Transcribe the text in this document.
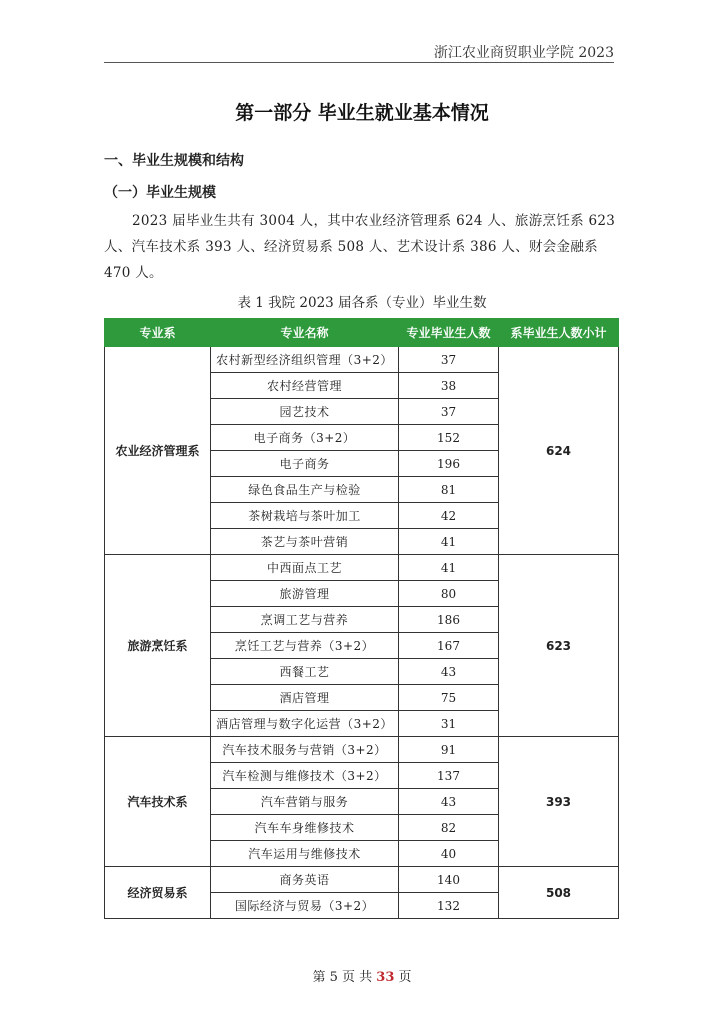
浙江农业商贸职业学院 2023
第一部分 毕业生就业基本情况
一、毕业生规模和结构
（一）毕业生规模
2023 届毕业生共有 3004 人，其中农业经济管理系 624 人、旅游烹饪系 623 人、汽车技术系 393 人、经济贸易系 508 人、艺术设计系 386 人、财会金融系 470 人。
表 1 我院 2023 届各系（专业）毕业生数
专业系	专业名称	专业毕业生人数	系毕业生人数小计
农业经济管理系	农村新型经济组织管理（3+2）	37	624
	农村经营管理	38	
	园艺技术	37	
	电子商务（3+2）	152	
	电子商务	196	
	绿色食品生产与检验	81	
	茶树栽培与茶叶加工	42	
	茶艺与茶叶营销	41	
旅游烹饪系	中西面点工艺	41	623
	旅游管理	80	
	烹调工艺与营养	186	
	烹饪工艺与营养（3+2）	167	
	西餐工艺	43	
	酒店管理	75	
	酒店管理与数字化运营（3+2）	31	
汽车技术系	汽车技术服务与营销（3+2）	91	393
	汽车检测与维修技术（3+2）	137	
	汽车营销与服务	43	
	汽车车身维修技术	82	
	汽车运用与维修技术	40	
经济贸易系	商务英语	140	508
	国际经济与贸易（3+2）	132	
第 5 页 共 33 页
